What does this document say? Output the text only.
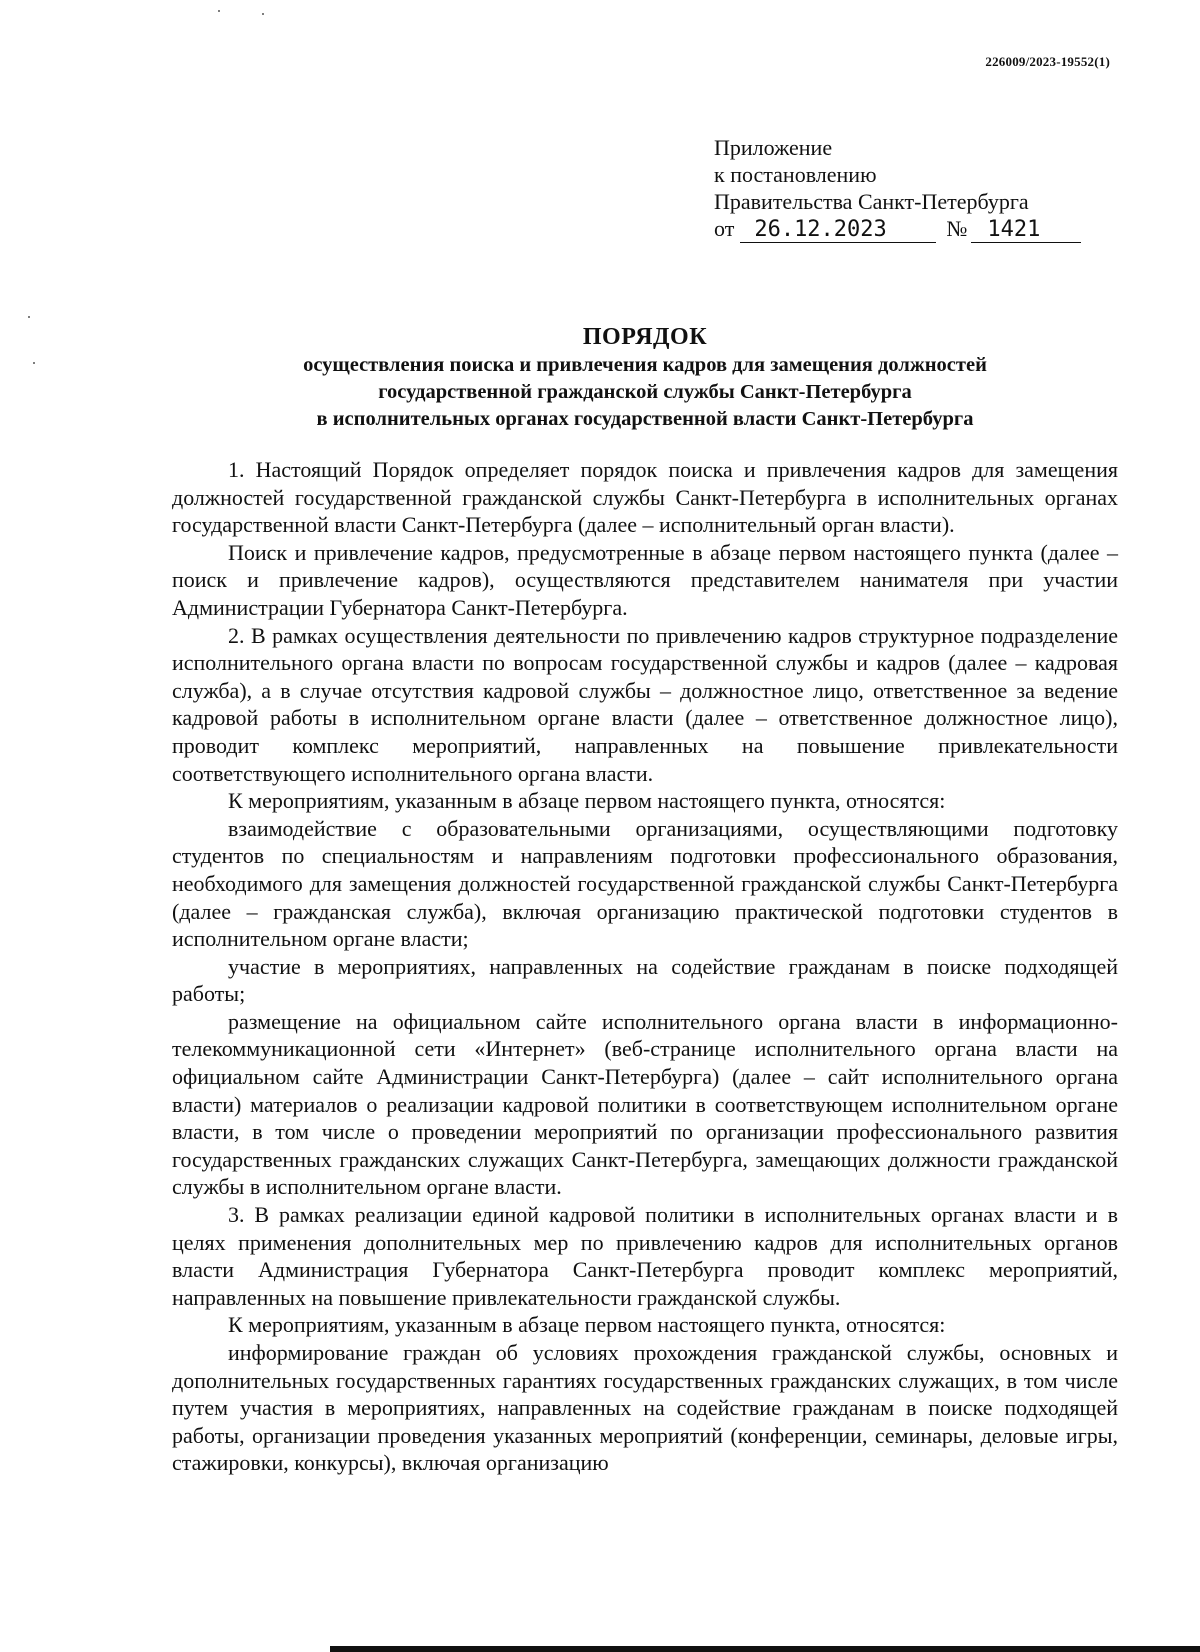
226009/2023-19552(1)
Приложение
к постановлению
Правительства Санкт-Петербурга
от 26.12.2023	№ 1421
ПОРЯДОК
осуществления поиска и привлечения кадров для замещения должностей
государственной гражданской службы Санкт-Петербурга
в исполнительных органах государственной власти Санкт-Петербурга

1. Настоящий Порядок определяет порядок поиска и привлечения кадров для замещения должностей государственной гражданской службы Санкт-Петербурга в исполнительных органах государственной власти Санкт-Петербурга (далее – исполнительный орган власти).

Поиск и привлечение кадров, предусмотренные в абзаце первом настоящего пункта (далее – поиск и привлечение кадров), осуществляются представителем нанимателя при участии Администрации Губернатора Санкт-Петербурга.

2. В рамках осуществления деятельности по привлечению кадров структурное подразделение исполнительного органа власти по вопросам государственной службы и кадров (далее – кадровая служба), а в случае отсутствия кадровой службы – должностное лицо, ответственное за ведение кадровой работы в исполнительном органе власти (далее – ответственное должностное лицо), проводит комплекс мероприятий, направленных на повышение привлекательности соответствующего исполнительного органа власти.

К мероприятиям, указанным в абзаце первом настоящего пункта, относятся:

взаимодействие с образовательными организациями, осуществляющими подготовку студентов по специальностям и направлениям подготовки профессионального образования, необходимого для замещения должностей государственной гражданской службы Санкт-Петербурга (далее – гражданская служба), включая организацию практической подготовки студентов в исполнительном органе власти;

участие в мероприятиях, направленных на содействие гражданам в поиске подходящей работы;

размещение на официальном сайте исполнительного органа власти в информационно-телекоммуникационной сети «Интернет» (веб-странице исполнительного органа власти на официальном сайте Администрации Санкт-Петербурга) (далее – сайт исполнительного органа власти) материалов о реализации кадровой политики в соответствующем исполнительном органе власти, в том числе о проведении мероприятий по организации профессионального развития государственных гражданских служащих Санкт-Петербурга, замещающих должности гражданской службы в исполнительном органе власти.

3. В рамках реализации единой кадровой политики в исполнительных органах власти и в целях применения дополнительных мер по привлечению кадров для исполнительных органов власти Администрация Губернатора Санкт-Петербурга проводит комплекс мероприятий, направленных на повышение привлекательности гражданской службы.

К мероприятиям, указанным в абзаце первом настоящего пункта, относятся:

информирование граждан об условиях прохождения гражданской службы, основных и дополнительных государственных гарантиях государственных гражданских служащих, в том числе путем участия в мероприятиях, направленных на содействие гражданам в поиске подходящей работы, организации проведения указанных мероприятий (конференции, семинары, деловые игры, стажировки, конкурсы), включая организацию
